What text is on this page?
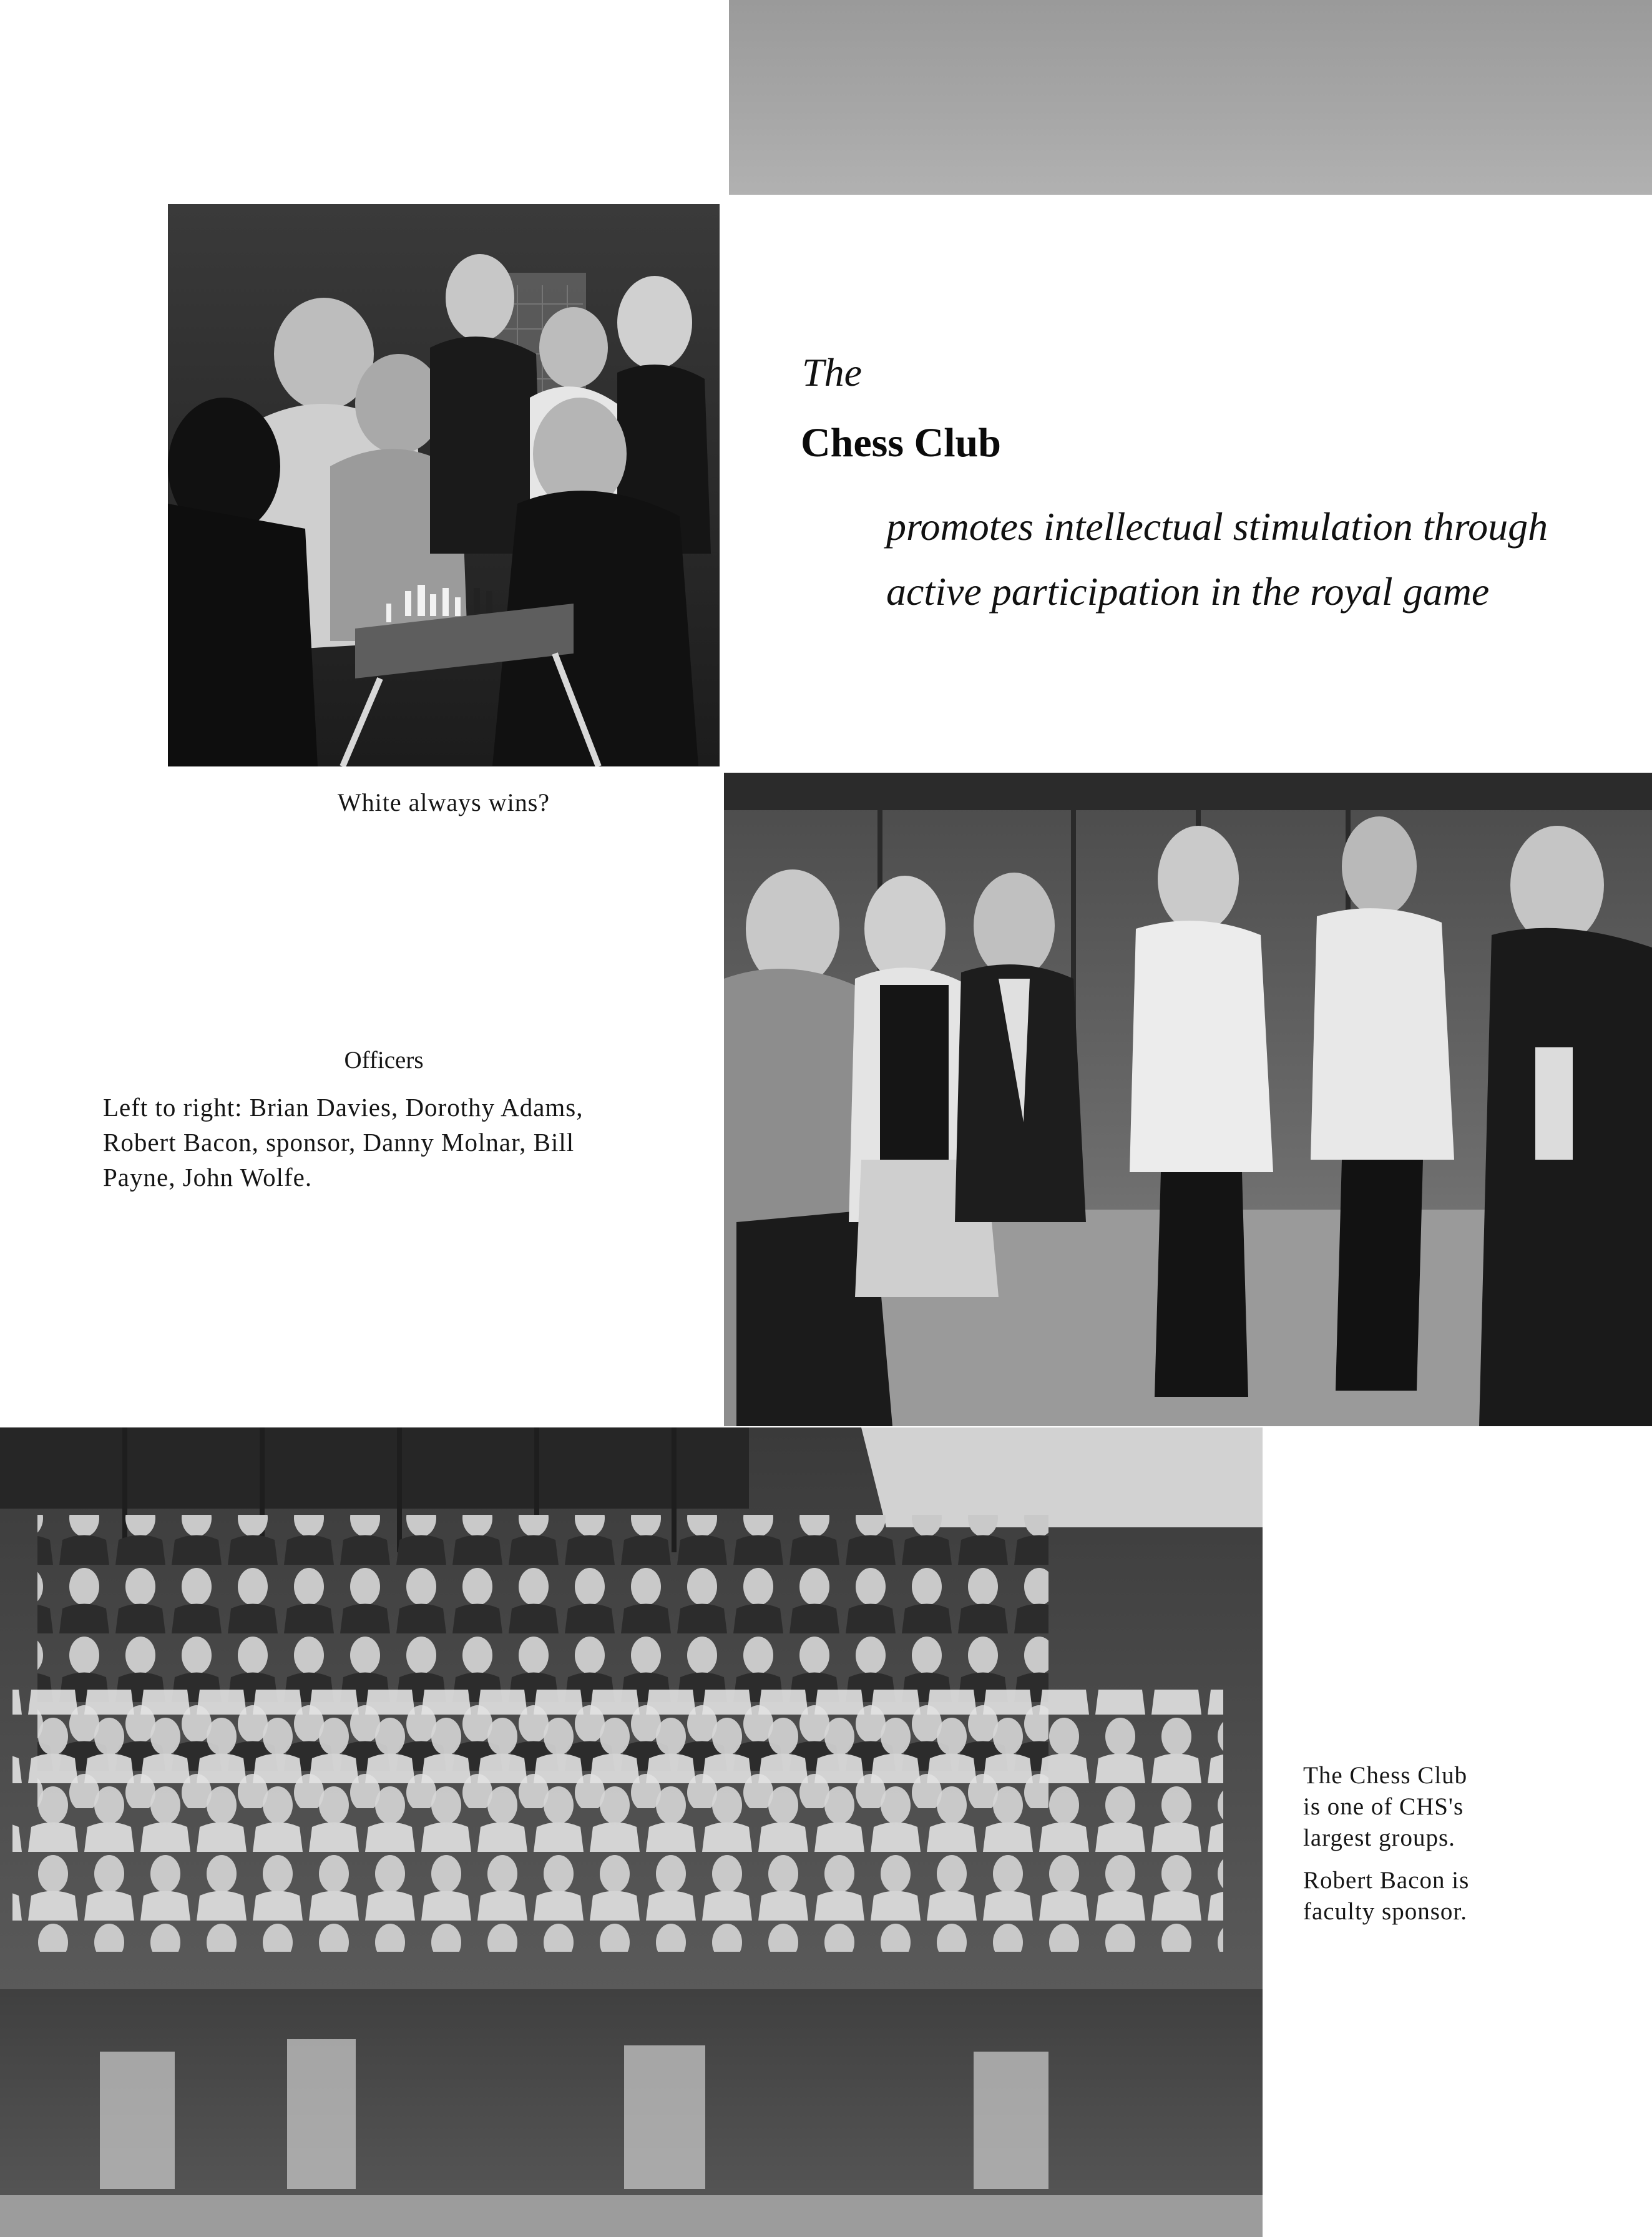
The
Chess Club
promotes intellectual stimulation through
active participation in the royal game
White always wins?
Officers
Left to right: Brian Davies, Dorothy Adams,
Robert Bacon, sponsor, Danny Molnar, Bill
Payne, John Wolfe.
The Chess Club
is one of CHS's
largest groups.
Robert Bacon is
faculty sponsor.
